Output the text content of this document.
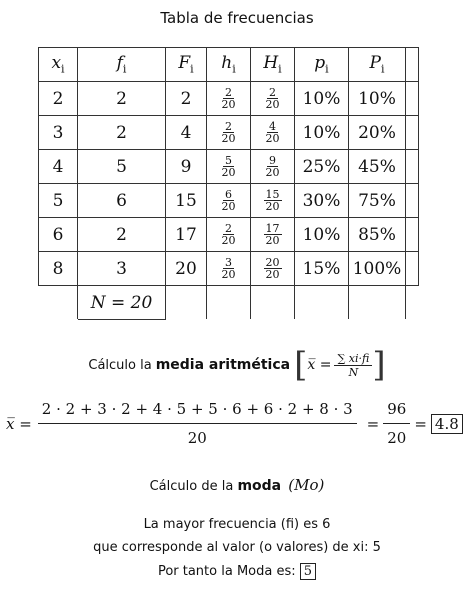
Tabla de frecuencias
$x_i$	$f_i$	$F_i$	$h_i$	$H_i$	$p_i$	$P_i$	
2	2	2	$\frac{2}{20}$	$\frac{2}{20}$	10%	10%	
3	2	4	$\frac{2}{20}$	$\frac{4}{20}$	10%	20%	
4	5	9	$\frac{5}{20}$	$\frac{9}{20}$	25%	45%	
5	6	15	$\frac{6}{20}$	$\frac{15}{20}$	30%	75%	
6	2	17	$\frac{2}{20}$	$\frac{17}{20}$	10%	85%	
8	3	20	$\frac{3}{20}$	$\frac{20}{20}$	15%	100%	
	N = 20						
Cálculo la media aritmética [ x̅ = $\frac{\sum xi\cdot fi}{N}$ ]
x̅ = $\frac{2 \cdot 2 + 3 \cdot 2 + 4 \cdot 5 + 5 \cdot 6 + 6 \cdot 2 + 8 \cdot 3}{20} = \frac{96}{20} = 4.8$
Cálculo de la moda (Mo)
La mayor frecuencia (fi) es 6
que corresponde al valor (o valores) de xi: 5
Por tanto la Moda es: 5
